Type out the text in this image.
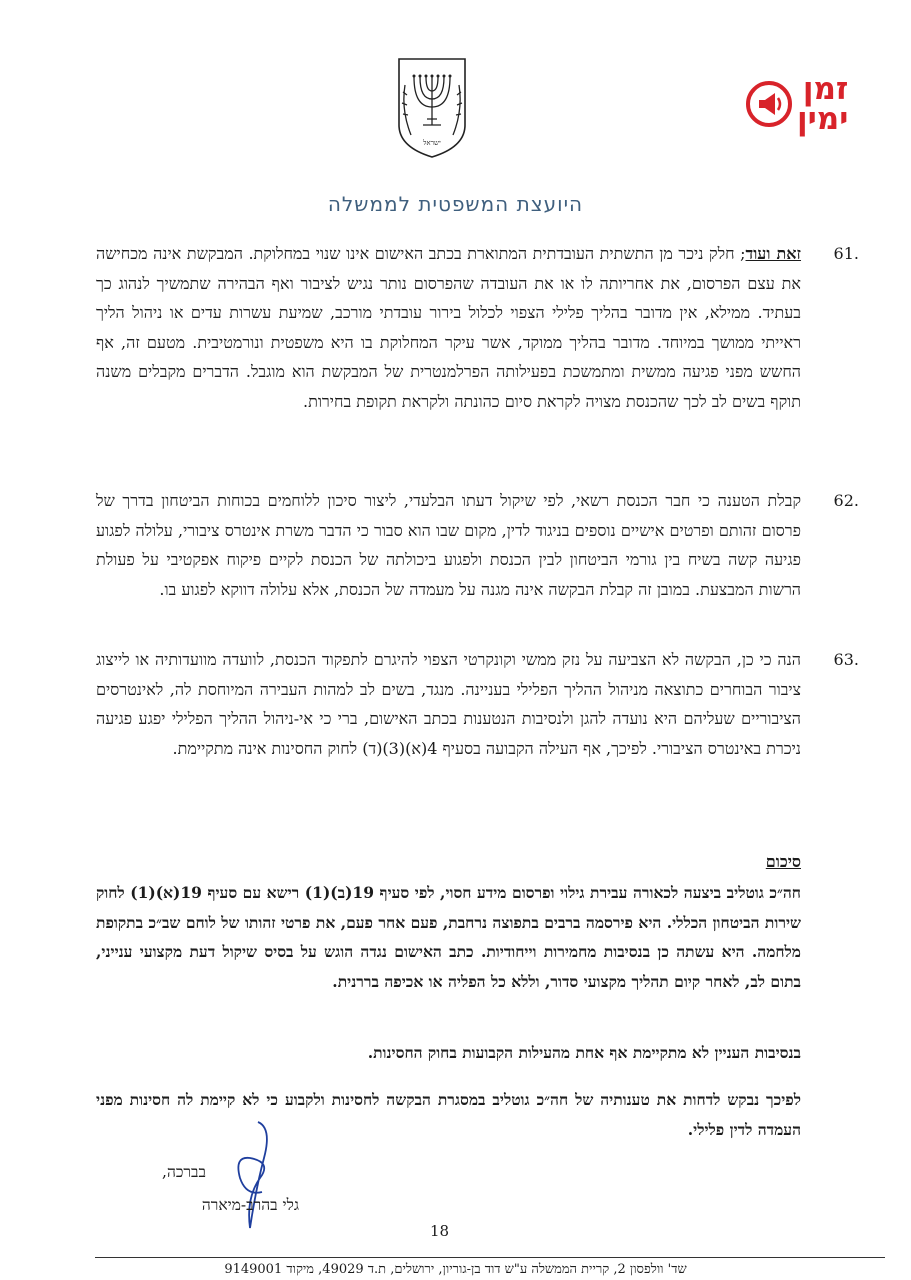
ישראל
זמן
ימין
היועצת המשפטית לממשלה
61.
זאת ועוד; חלק ניכר מן התשתית העובדתית המתוארת בכתב האישום אינו שנוי במחלוקת. המבקשת אינה מכחישה את עצם הפרסום, את אחריותה לו או את העובדה שהפרסום נותר נגיש לציבור ואף הבהירה שתמשיך לנהוג כך בעתיד. ממילא, אין מדובר בהליך פלילי הצפוי לכלול בירור עובדתי מורכב, שמיעת עשרות עדים או ניהול הליך ראייתי ממושך במיוחד. מדובר בהליך ממוקד, אשר עיקר המחלוקת בו היא משפטית ונורמטיבית. מטעם זה, אף החשש מפני פגיעה ממשית ומתמשכת בפעילותה הפרלמנטרית של המבקשת הוא מוגבל. הדברים מקבלים משנה תוקף בשים לב לכך שהכנסת מצויה לקראת סיום כהונתה ולקראת תקופת בחירות.
62.
קבלת הטענה כי חבר הכנסת רשאי, לפי שיקול דעתו הבלעדי, ליצור סיכון ללוחמים בכוחות הביטחון בדרך של פרסום זהותם ופרטים אישיים נוספים בניגוד לדין, מקום שבו הוא סבור כי הדבר משרת אינטרס ציבורי, עלולה לפגוע פגיעה קשה בשיח בין גורמי הביטחון לבין הכנסת ולפגוע ביכולתה של הכנסת לקיים פיקוח אפקטיבי על פעולת הרשות המבצעת. במובן זה קבלת הבקשה אינה מגנה על מעמדה של הכנסת, אלא עלולה דווקא לפגוע בו.
63.
הנה כי כן, הבקשה לא הצביעה על נזק ממשי וקונקרטי הצפוי להיגרם לתפקוד הכנסת, לוועדה מוועדותיה או לייצוג ציבור הבוחרים כתוצאה מניהול ההליך הפלילי בעניינה. מנגד, בשים לב למהות העבירה המיוחסת לה, לאינטרסים הציבוריים שעליהם היא נועדה להגן ולנסיבות הנטענות בכתב האישום, ברי כי אי-ניהול ההליך הפלילי יפגע פגיעה ניכרת באינטרס הציבורי. לפיכך, אף העילה הקבועה בסעיף 4(א)(3)(ד) לחוק החסינות אינה מתקיימת.
סיכום
חה״כ גוטליב ביצעה לכאורה עבירת גילוי ופרסום מידע חסוי, לפי סעיף 19(ב)(1) רישא עם סעיף 19(א)(1) לחוק שירות הביטחון הכללי. היא פירסמה ברבים בתפוצה נרחבת, פעם אחר פעם, את פרטי זהותו של לוחם שב״כ בתקופת מלחמה. היא עשתה כן בנסיבות מחמירות וייחודיות. כתב האישום נגדה הוגש על בסיס שיקול דעת מקצועי ענייני, בתום לב, לאחר קיום תהליך מקצועי סדור, וללא כל הפליה או אכיפה בררנית.
בנסיבות העניין לא מתקיימת אף אחת מהעילות הקבועות בחוק החסינות.
לפיכך נבקש לדחות את טענותיה של חה״כ גוטליב במסגרת הבקשה לחסינות ולקבוע כי לא קיימת לה חסינות מפני העמדה לדין פלילי.
בברכה,
גלי בהרב-מיארה
18
שד' וולפסון 2, קריית הממשלה ע"ש דוד בן-גוריון, ירושלים, ת.ד 49029, מיקוד 9149001
